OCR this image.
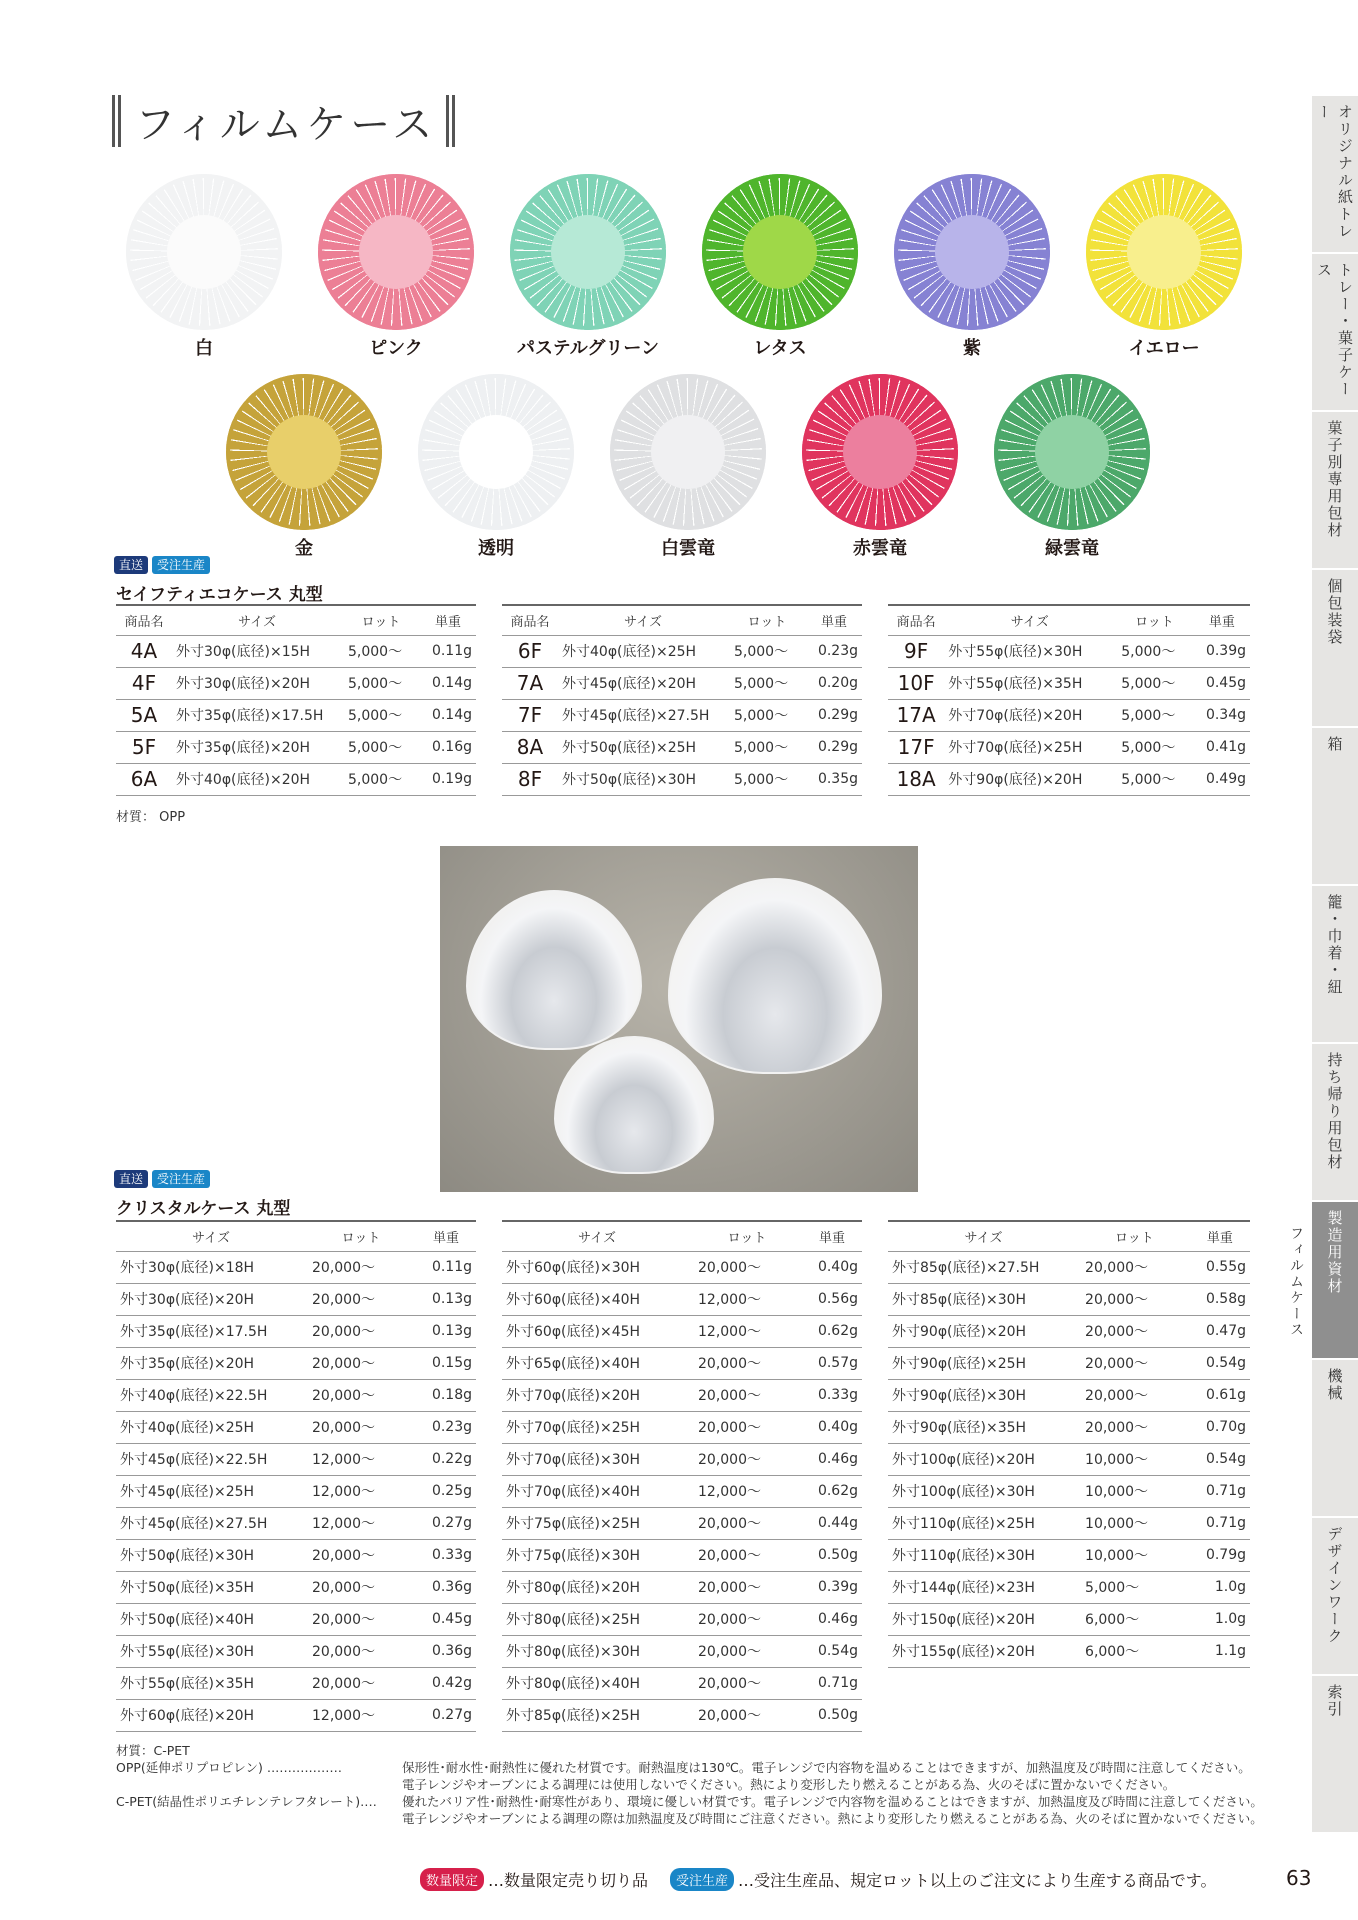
フィルムケース
白	ピンク	パステルグリーン	レタス	紫	イエロー
金	透明	白雲竜	赤雲竜	緑雲竜
直送	受注生産
セイフティエコケース 丸型
商品名	サイズ	ロット	単重
4A	外寸30φ(底径)×15H	5,000～	0.11g
4F	外寸30φ(底径)×20H	5,000～	0.14g
5A	外寸35φ(底径)×17.5H	5,000～	0.14g
5F	外寸35φ(底径)×20H	5,000～	0.16g
6A	外寸40φ(底径)×20H	5,000～	0.19g
商品名	サイズ	ロット	単重
6F	外寸40φ(底径)×25H	5,000～	0.23g
7A	外寸45φ(底径)×20H	5,000～	0.20g
7F	外寸45φ(底径)×27.5H	5,000～	0.29g
8A	外寸50φ(底径)×25H	5,000～	0.29g
8F	外寸50φ(底径)×30H	5,000～	0.35g
商品名	サイズ	ロット	単重
9F	外寸55φ(底径)×30H	5,000～	0.39g
10F	外寸55φ(底径)×35H	5,000～	0.45g
17A	外寸70φ(底径)×20H	5,000～	0.34g
17F	外寸70φ(底径)×25H	5,000～	0.41g
18A	外寸90φ(底径)×20H	5,000～	0.49g
材質： OPP
直送	受注生産
クリスタルケース 丸型
サイズ	ロット	単重
外寸30φ(底径)×18H	20,000～	0.11g
外寸30φ(底径)×20H	20,000～	0.13g
外寸35φ(底径)×17.5H	20,000～	0.13g
外寸35φ(底径)×20H	20,000～	0.15g
外寸40φ(底径)×22.5H	20,000～	0.18g
外寸40φ(底径)×25H	20,000～	0.23g
外寸45φ(底径)×22.5H	12,000～	0.22g
外寸45φ(底径)×25H	12,000～	0.25g
外寸45φ(底径)×27.5H	12,000～	0.27g
外寸50φ(底径)×30H	20,000～	0.33g
外寸50φ(底径)×35H	20,000～	0.36g
外寸50φ(底径)×40H	20,000～	0.45g
外寸55φ(底径)×30H	20,000～	0.36g
外寸55φ(底径)×35H	20,000～	0.42g
外寸60φ(底径)×20H	12,000～	0.27g
サイズ	ロット	単重
外寸60φ(底径)×30H	20,000～	0.40g
外寸60φ(底径)×40H	12,000～	0.56g
外寸60φ(底径)×45H	12,000～	0.62g
外寸65φ(底径)×40H	20,000～	0.57g
外寸70φ(底径)×20H	20,000～	0.33g
外寸70φ(底径)×25H	20,000～	0.40g
外寸70φ(底径)×30H	20,000～	0.46g
外寸70φ(底径)×40H	12,000～	0.62g
外寸75φ(底径)×25H	20,000～	0.44g
外寸75φ(底径)×30H	20,000～	0.50g
外寸80φ(底径)×20H	20,000～	0.39g
外寸80φ(底径)×25H	20,000～	0.46g
外寸80φ(底径)×30H	20,000～	0.54g
外寸80φ(底径)×40H	20,000～	0.71g
外寸85φ(底径)×25H	20,000～	0.50g
サイズ	ロット	単重
外寸85φ(底径)×27.5H	20,000～	0.55g
外寸85φ(底径)×30H	20,000～	0.58g
外寸90φ(底径)×20H	20,000～	0.47g
外寸90φ(底径)×25H	20,000～	0.54g
外寸90φ(底径)×30H	20,000～	0.61g
外寸90φ(底径)×35H	20,000～	0.70g
外寸100φ(底径)×20H	10,000～	0.54g
外寸100φ(底径)×30H	10,000～	0.71g
外寸110φ(底径)×25H	10,000～	0.71g
外寸110φ(底径)×30H	10,000～	0.79g
外寸144φ(底径)×23H	5,000～	1.0g
外寸150φ(底径)×20H	6,000～	1.0g
外寸155φ(底径)×20H	6,000～	1.1g
材質：C-PET
OPP(延伸ポリプロピレン) ‥‥‥‥‥‥‥‥‥	保形性･耐水性･耐熱性に優れた材質です。耐熱温度は130℃。電子レンジで内容物を温めることはできますが、加熱温度及び時間に注意してください。
電子レンジやオーブンによる調理には使用しないでください。熱により変形したり燃えることがある為、火のそばに置かないでください。
C-PET(結晶性ポリエチレンテレフタレート)‥‥ 優れたバリア性･耐熱性･耐寒性があり、環境に優しい材質です。電子レンジで内容物を温めることはできますが、加熱温度及び時間に注意してください。
電子レンジやオーブンによる調理の際は加熱温度及び時間にご注意ください。熱により変形したり燃えることがある為、火のそばに置かないでください。
オリジナル紙トレー
トレー・菓子ケース
菓子別専用包材
個包装袋
箱
籠・巾着・紐
持ち帰り用包材
製造用資材
機械
デザインワーク
索引
フィルムケース
数量限定 …数量限定売り切り品	受注生産 …受注生産品、規定ロット以上のご注文により生産する商品です。	63
